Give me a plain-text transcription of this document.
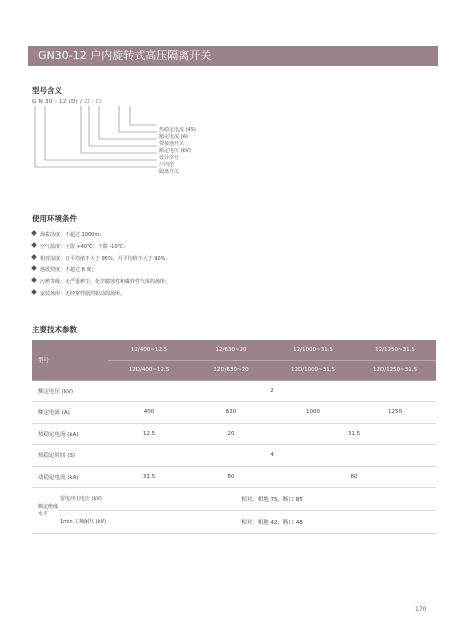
GN30-12 户内旋转式高压隔离开关
型号含义
G N 30 - 12 (D) / ☐ - ☐
热稳定电流 (4S)
额定电流 (A)
带接地开关
额定电压 (kV)
设计序号
户内型
隔离开关
使用环境条件
海拔高度：不超过 1000m；
空气温度：上限 +40℃；下限 -10℃；
相对湿度：日平均值不大于 95%；月平均值不大于 90%；
地震烈度：不超过 8 度；
污秽等级：无严重秽尘、化学腐蚀性和爆炸性气体的场所；
安装场所：无经常性剧烈振动的场所。
主要技术参数
型号		12/400~12.5	12/630~20	12/1000~31.5	12/1250~31.5
		12D/400~12.5	12D/630~20	12D/1000~31.5	12D/1250~31.5
额定电压 (kV)		2			
额定电流 (A)		400	630	1000	1250
热稳定电流 (kA)		12.5	20	31.5	
热稳定时间 (S)		4			
动稳定电流 (kA)		31.5	50	80	
额定绝缘水平	雷电冲击电压 (kV)	相对、相地 75，断口 85			
	1min 工频耐压 (kV)	相对、相地 42，断口 48			
170
